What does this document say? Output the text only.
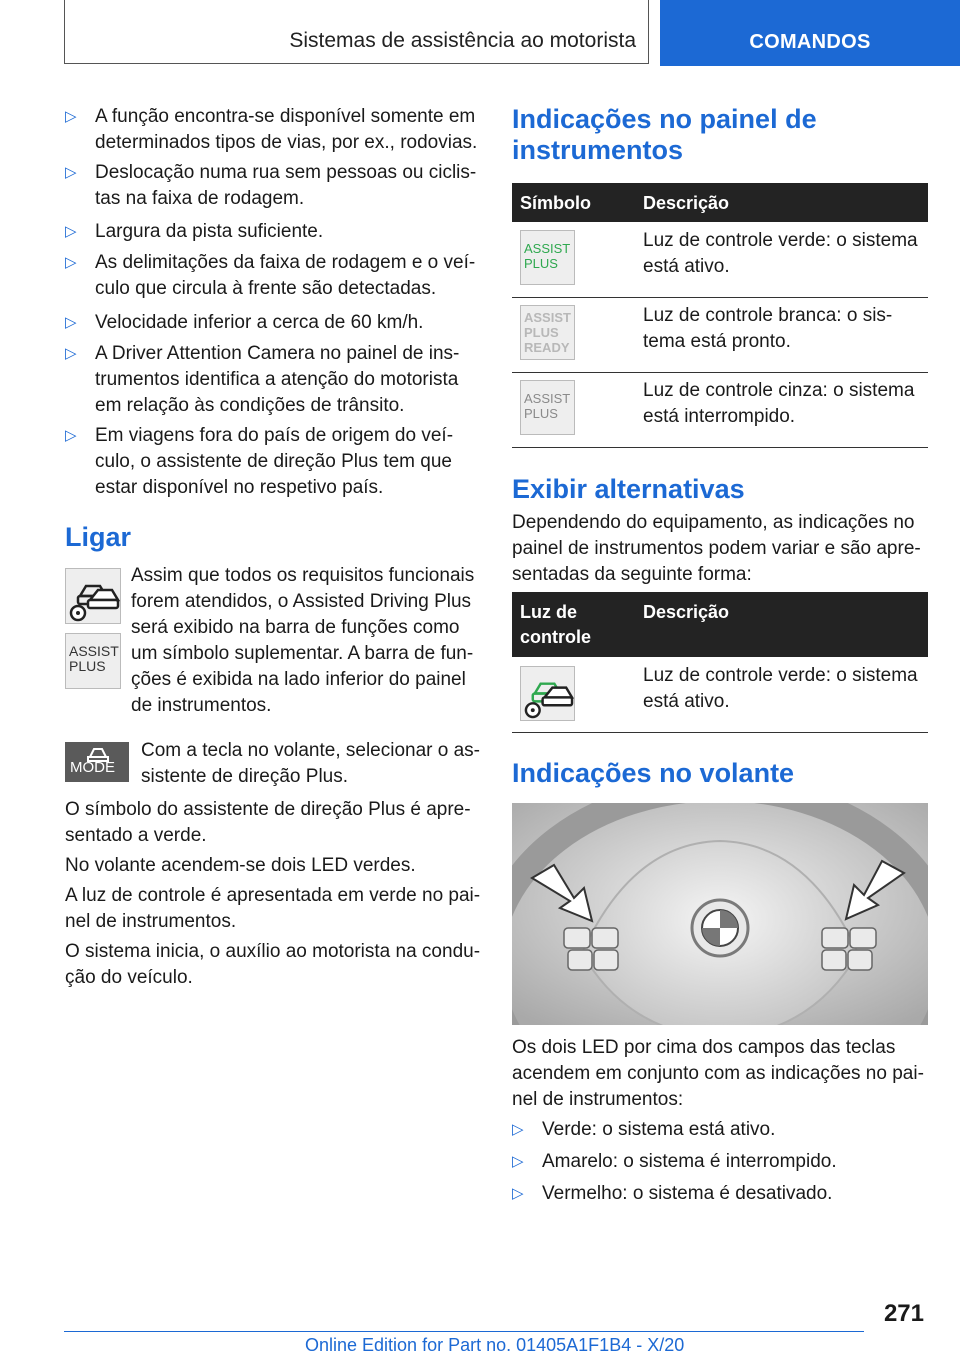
Sistemas de assistência ao motorista	COMANDOS
▷ A função encontra-se disponível somente em
determinados tipos de vias, por ex., rodovias.
▷ Deslocação numa rua sem pessoas ou ciclis-
tas na faixa de rodagem.
▷ Largura da pista suficiente.
▷ As delimitações da faixa de rodagem e o veí-
culo que circula à frente são detectadas.
▷ Velocidade inferior a cerca de 60 km/h.
▷ A Driver Attention Camera no painel de ins-
trumentos identifica a atenção do motorista
em relação às condições de trânsito.
▷ Em viagens fora do país de origem do veí-
culo, o assistente de direção Plus tem que
estar disponível no respetivo país.
Ligar
ASSIST
PLUS
MODE
Assim que todos os requisitos funcionais
forem atendidos, o Assisted Driving Plus
será exibido na barra de funções como
um símbolo suplementar. A barra de fun-
ções é exibida na lado inferior do painel
de instrumentos.
Com a tecla no volante, selecionar o as-
sistente de direção Plus.
O símbolo do assistente de direção Plus é apre-
sentado a verde.
No volante acendem-se dois LED verdes.
A luz de controle é apresentada em verde no pai-
nel de instrumentos.
O sistema inicia, o auxílio ao motorista na condu-
ção do veículo.
Indicações no painel de
instrumentos
Símbolo	Descrição
ASSIST
PLUS
Luz de controle verde: o sistema
está ativo.
ASSIST
PLUS
READY
Luz de controle branca: o sis-
tema está pronto.
ASSIST
PLUS
Luz de controle cinza: o sistema
está interrompido.
Exibir alternativas
Dependendo do equipamento, as indicações no
painel de instrumentos podem variar e são apre-
sentadas da seguinte forma:
Luz de
controle
Descrição
Luz de controle verde: o sistema
está ativo.
Indicações no volante
Os dois LED por cima dos campos das teclas
acendem em conjunto com as indicações no pai-
nel de instrumentos:
▷ Verde: o sistema está ativo.
▷ Amarelo: o sistema é interrompido.
▷ Vermelho: o sistema é desativado.
271
Online Edition for Part no. 01405A1F1B4 - X/20
